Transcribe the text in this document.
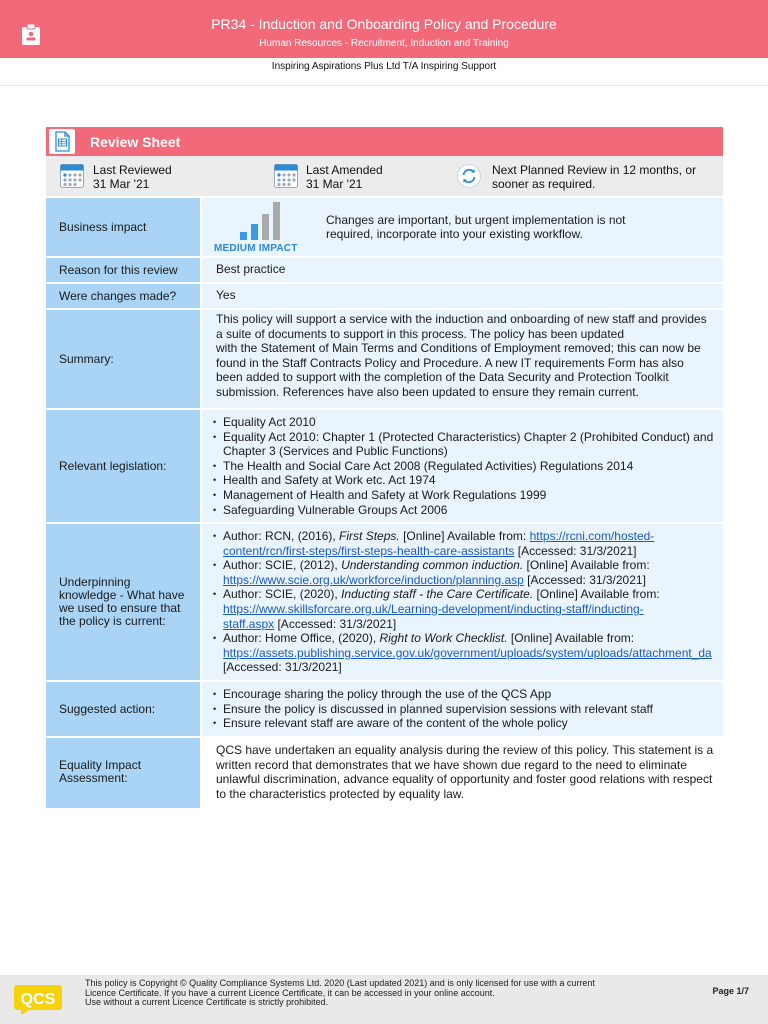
PR34 - Induction and Onboarding Policy and Procedure
Human Resources - Recruitment, Induction and Training
Inspiring Aspirations Plus Ltd T/A Inspiring Support
Review Sheet
Last Reviewed
31 Mar '21
Last Amended
31 Mar '21
Next Planned Review in 12 months, or
sooner as required.
Business impact
MEDIUM IMPACT
Changes are important, but urgent implementation is not required, incorporate into your existing workflow.
Reason for this review	Best practice
Were changes made?	Yes
Summary:
This policy will support a service with the induction and onboarding of new staff and provides
a suite of documents to support in this process. The policy has been updated
with the Statement of Main Terms and Conditions of Employment removed; this can now be
found in the Staff Contracts Policy and Procedure. A new IT requirements Form has also
been added to support with the completion of the Data Security and Protection Toolkit
submission. References have also been updated to ensure they remain current.
Relevant legislation:
• Equality Act 2010
• Equality Act 2010: Chapter 1 (Protected Characteristics) Chapter 2 (Prohibited Conduct) and Chapter 3 (Services and Public Functions)
• The Health and Social Care Act 2008 (Regulated Activities) Regulations 2014
• Health and Safety at Work etc. Act 1974
• Management of Health and Safety at Work Regulations 1999
• Safeguarding Vulnerable Groups Act 2006
Underpinning knowledge - What have we used to ensure that the policy is current:
• Author: RCN, (2016), First Steps. [Online] Available from: https://rcni.com/hosted-
content/rcn/first-steps/first-steps-health-care-assistants [Accessed: 31/3/2021]
• Author: SCIE, (2012), Understanding common induction. [Online] Available from:
https://www.scie.org.uk/workforce/induction/planning.asp [Accessed: 31/3/2021]
• Author: SCIE, (2020), Inducting staff - the Care Certificate. [Online] Available from:
https://www.skillsforcare.org.uk/Learning-development/inducting-staff/inducting-
staff.aspx [Accessed: 31/3/2021]
• Author: Home Office, (2020), Right to Work Checklist. [Online] Available from:
https://assets.publishing.service.gov.uk/government/uploads/system/uploads/attachment_da
[Accessed: 31/3/2021]
Suggested action:
• Encourage sharing the policy through the use of the QCS App
• Ensure the policy is discussed in planned supervision sessions with relevant staff
• Ensure relevant staff are aware of the content of the whole policy
Equality Impact Assessment:
QCS have undertaken an equality analysis during the review of this policy. This statement is a written record that demonstrates that we have shown due regard to the need to eliminate unlawful discrimination, advance equality of opportunity and foster good relations with respect to the characteristics protected by equality law.
QCS
This policy is Copyright © Quality Compliance Systems Ltd. 2020 (Last updated 2021) and is only licensed for use with a current
Licence Certificate. If you have a current Licence Certificate, it can be accessed in your online account.
Use without a current Licence Certificate is strictly prohibited.
Page 1/7
